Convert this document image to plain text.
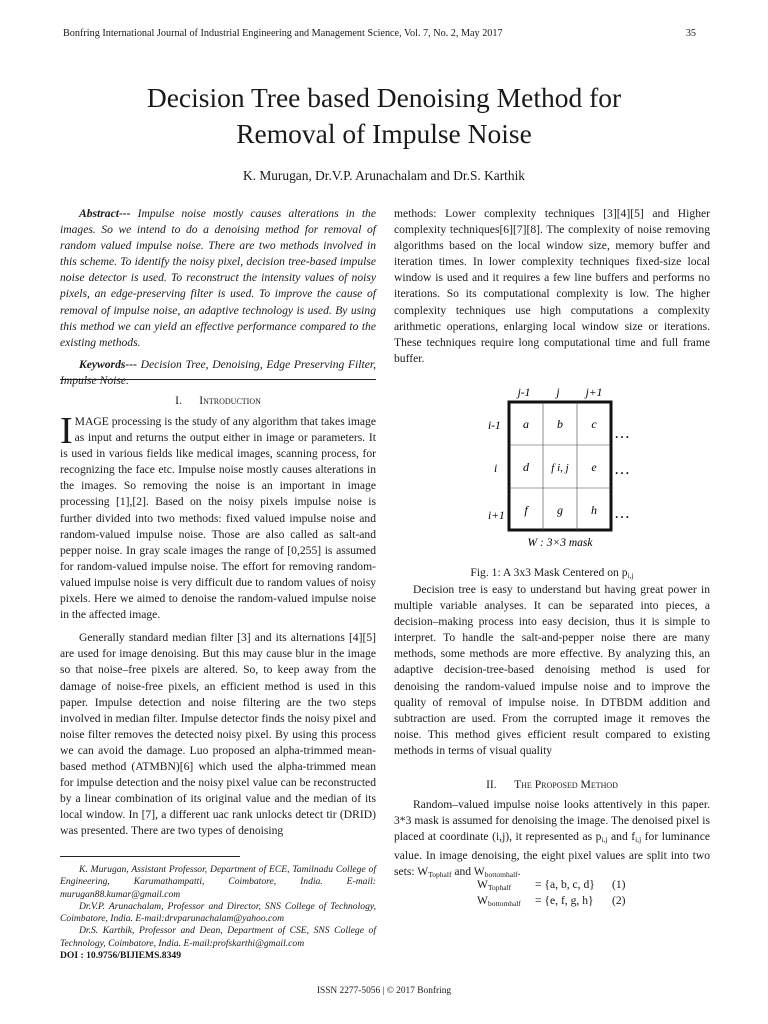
Bonfring International Journal of Industrial Engineering and Management Science, Vol. 7, No. 2, May 2017	35
Decision Tree based Denoising Method for
Removal of Impulse Noise
K. Murugan, Dr.V.P. Arunachalam and Dr.S. Karthik

Abstract--- Impulse noise mostly causes alterations in the images. So we intend to do a denoising method for removal of random valued impulse noise. There are two methods involved in this scheme. To identify the noisy pixel, decision tree-based impulse noise detector is used. To reconstruct the intensity values of noisy pixels, an edge-preserving filter is used. To improve the cause of removal of impulse noise, an adaptive technology is used. By using this method we can yield an effective performance compared to the existing methods.

Keywords--- Decision Tree, Denoising, Edge Preserving Filter, Impulse Noise.

I. Introduction

IMAGE processing is the study of any algorithm that takes image as input and returns the output either in image or parameters. It is used in various fields like medical images, scanning process, for recognizing the face etc. Impulse noise mostly causes alterations in the images. So removing the noise is an important in image processing [1],[2]. Based on the noisy pixels impulse noise is further divided into two methods: fixed valued impulse noise and random-valued impulse noise. Those are also called as salt-and pepper noise. In gray scale images the range of [0,255] is assumed for random-valued impulse noise. The effort for removing random-valued impulse noise is very difficult due to random values of noisy pixels. Here we aimed to denoise the random-valued impulse noise in the affected image.

Generally standard median filter [3] and its alternations [4][5] are used for image denoising. But this may cause blur in the image so that noise–free pixels are altered. So, to keep away from the damage of noise-free pixels, an efficient method is used in this paper. Impulse detection and noise filtering are the two steps involved in median filter. Impulse detector finds the noisy pixel and noise filter removes the detected noisy pixel. By using this process we can avoid the damage. Luo proposed an alpha-trimmed mean-based method (ATMBN)[6] which used the alpha-trimmed mean for impulse detection and the noisy pixel value can be reconstructed by a linear combination of its original value and the median of its local window. In [7], a different uac rank unlocks detect tir (DRID) was presented. There are two types of denoising

K. Murugan, Assistant Professor, Department of ECE, Tamilnadu College of Engineering, Karumathampatti, Coimbatore, India. E-mail: murugan88.kumar@gmail.com

Dr.V.P. Arunachalam, Professor and Director, SNS College of Technology, Coimbatore, India. E-mail:drvparunachalam@yahoo.com

Dr.S. Karthik, Professor and Dean, Department of CSE, SNS College of Technology, Coimbatore, India. E-mail:profskarthi@gmail.com

DOI : 10.9756/BIJIEMS.8349

methods: Lower complexity techniques [3][4][5] and Higher complexity techniques[6][7][8]. The complexity of noise removing algorithms based on the local window size, memory buffer and iteration times. In lower complexity techniques fixed-size local window is used and it requires a few line buffers and performs no iterations. So its computational complexity is low. The higher complexity techniques use high computations a complexity arithmetic operations, enlarging local window size or iterations. These techniques require long computational time and full frame buffer.
j-1 j j+1
i-1
i
i+1
a b c
d f i, j e
f g h
…
…
…
W : 3×3 mask
Fig. 1: A 3x3 Mask Centered on $p_{i,j}$

Decision tree is easy to understand but having great power in multiple variable analyses. It can be separated into pieces, a decision–making process into easy decision, thus it is simple to interpret. To handle the salt-and-pepper noise there are many methods, some methods are more effective. By analyzing this, an adaptive decision-tree-based denoising method is used for denoising the random-valued impulse noise and to improve the quality of removal of impulse noise. In DTBDM addition and subtraction are used. From the corrupted image it removes the noise. This method gives efficient result compared to existing methods in terms of visual quality

II. The Proposed Method

Random–valued impulse noise looks attentively in this paper. 3*3 mask is assumed for denoising the image. The denoised pixel is placed at coordinate (i,j), it represented as $p_{i,j}$ and $f_{i,j}$ for luminance value. In image denoising, the eight pixel values are split into two sets: $W_{Tophalf}$ and $W_{bottomhalf}$.

$W_{Tophalf} = \{a$, b, c, d} (1)
$W_{bottomhalf} = \{e$, f, g, h} (2)
ISSN 2277-5056 | © 2017 Bonfring
